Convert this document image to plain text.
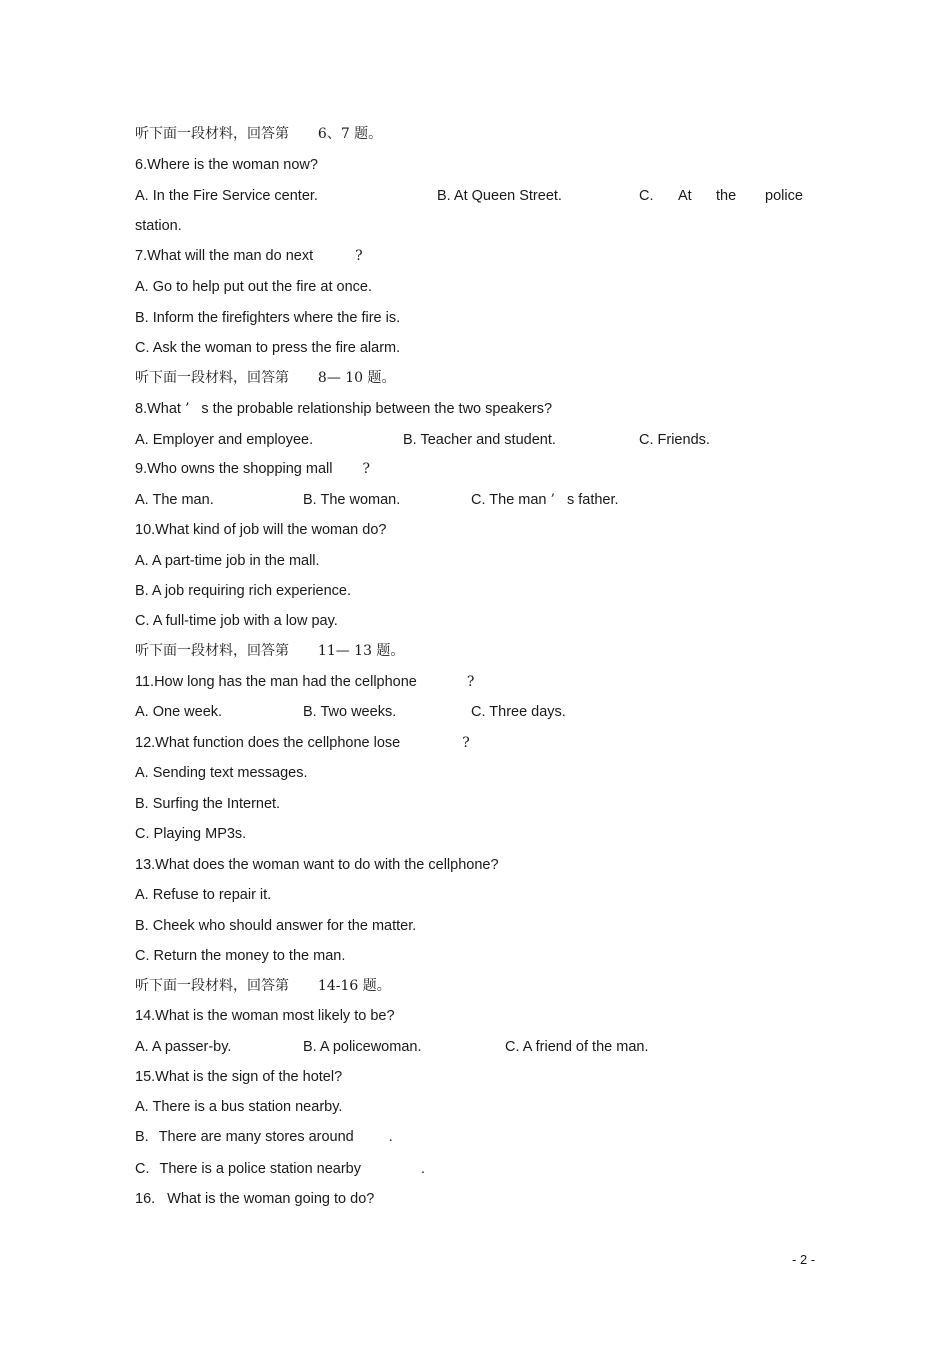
听下面一段材料，回答第 6、7 题。
6.Where is the woman now?
A. In the Fire Service center.	B. At Queen Street.	C. At the police
station.
7.What will the man do next	?
A. Go to help put out the fire at once.
B. Inform the firefighters where the fire is.
C. Ask the woman to press the fire alarm.
听下面一段材料，回答第 8— 10 题。
8.What ’ s the probable relationship between the two speakers?
A. Employer and employee.	B. Teacher and student.	C. Friends.
9.Who owns the shopping mall ?
A. The man.	B. The woman.	C. The man ’ s father.
10.What kind of job will the woman do?
A. A part-time job in the mall.
B. A job requiring rich experience.
C. A full-time job with a low pay.
听下面一段材料，回答第 11— 13 题。
11.How long has the man had the cellphone	?
A. One week.	B. Two weeks.	C. Three days.
12.What function does the cellphone lose	?
A. Sending text messages.
B. Surfing the Internet.
C. Playing MP3s.
13.What does the woman want to do with the cellphone?
A. Refuse to repair it.
B. Cheek who should answer for the matter.
C. Return the money to the man.
听下面一段材料，回答第 14-16 题。
14.What is the woman most likely to be?
A. A passer-by.	B. A policewoman.	C. A friend of the man.
15.What is the sign of the hotel?
A. There is a bus station nearby.
B. There are many stores around .
C. There is a police station nearby	.
16. What is the woman going to do?
- 2 -
